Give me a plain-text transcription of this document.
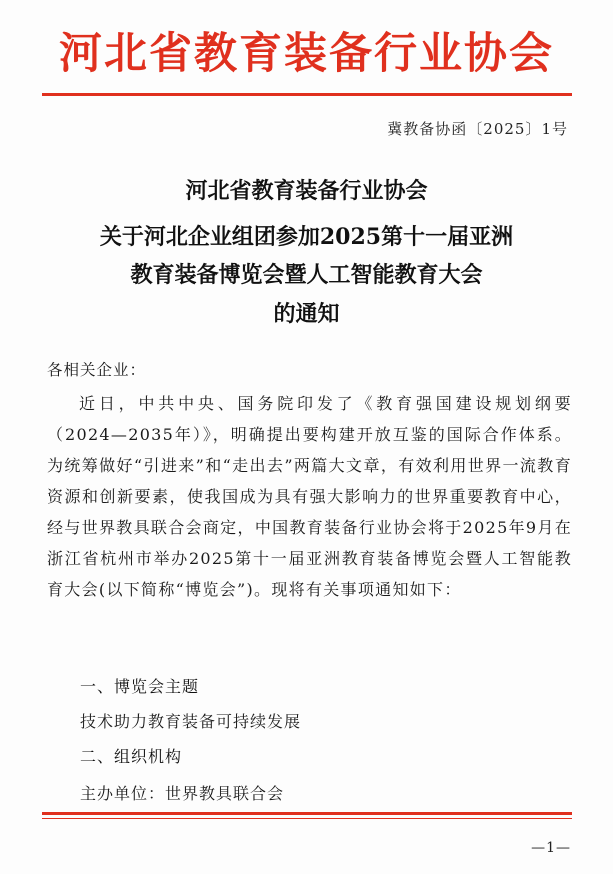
河北省教育装备行业协会
冀教备协函〔2025〕1号
河北省教育装备行业协会
关于河北企业组团参加2025第十一届亚洲
教育装备博览会暨人工智能教育大会
的通知
各相关企业：

近日，中共中央、国务院印发了《教育强国建设规划纲要（2024—2035年）》，明确提出要构建开放互鉴的国际合作体系。为统筹做好“引进来”和“走出去”两篇大文章，有效利用世界一流教育资源和创新要素，使我国成为具有强大影响力的世界重要教育中心，经与世界教具联合会商定，中国教育装备行业协会将于2025年9月在浙江省杭州市举办2025第十一届亚洲教育装备博览会暨人工智能教育大会(以下简称“博览会”)。现将有关事项通知如下：

一、博览会主题
技术助力教育装备可持续发展
二、组织机构
主办单位：世界教具联合会
—1—
